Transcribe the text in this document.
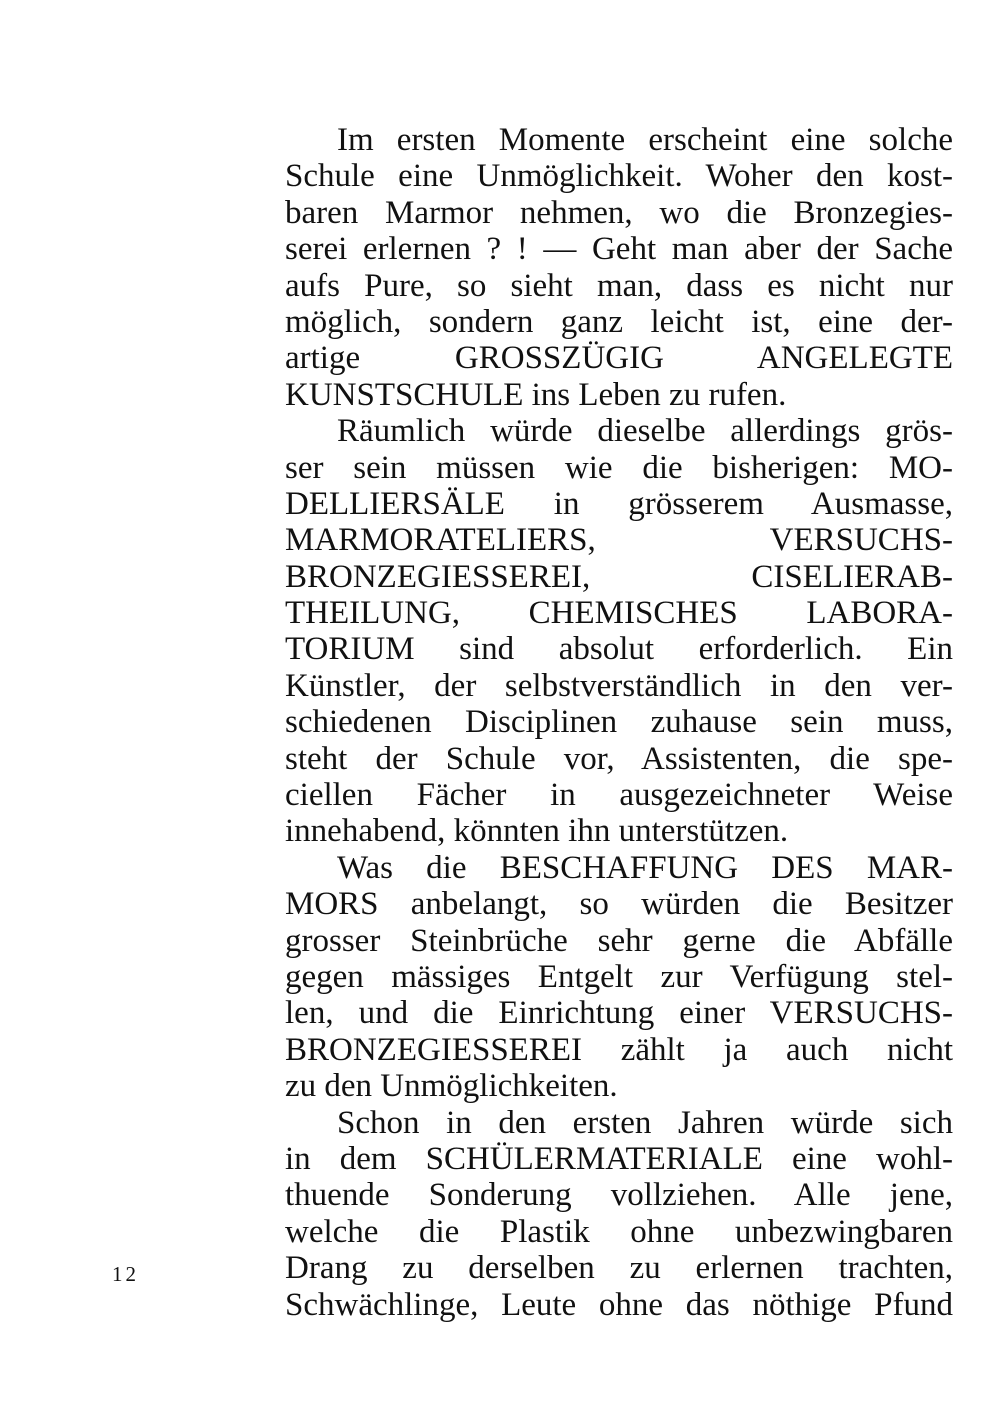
Im ersten Momente erscheint eine solche
Schule eine Unmöglichkeit. Woher den kost-
baren Marmor nehmen, wo die Bronzegies-
serei erlernen ? ! — Geht man aber der Sache
aufs Pure, so sieht man, dass es nicht nur
möglich, sondern ganz leicht ist, eine der-
artige GROSSZÜGIG ANGELEGTE
KUNSTSCHULE ins Leben zu rufen.
Räumlich würde dieselbe allerdings grös-
ser sein müssen wie die bisherigen: MO-
DELLIERSÄLE in grösserem Ausmasse,
MARMORATELIERS, VERSUCHS-
BRONZEGIESSEREI, CISELIERAB-
THEILUNG, CHEMISCHES LABORA-
TORIUM sind absolut erforderlich. Ein
Künstler, der selbstverständlich in den ver-
schiedenen Disciplinen zuhause sein muss,
steht der Schule vor, Assistenten, die spe-
ciellen Fächer in ausgezeichneter Weise
innehabend, könnten ihn unterstützen.
Was die BESCHAFFUNG DES MAR-
MORS anbelangt, so würden die Besitzer
grosser Steinbrüche sehr gerne die Abfälle
gegen mässiges Entgelt zur Verfügung stel-
len, und die Einrichtung einer VERSUCHS-
BRONZEGIESSEREI zählt ja auch nicht
zu den Unmöglichkeiten.
Schon in den ersten Jahren würde sich
in dem SCHÜLERMATERIALE eine wohl-
thuende Sonderung vollziehen. Alle jene,
welche die Plastik ohne unbezwingbaren
Drang zu derselben zu erlernen trachten,
Schwächlinge, Leute ohne das nöthige Pfund
12
